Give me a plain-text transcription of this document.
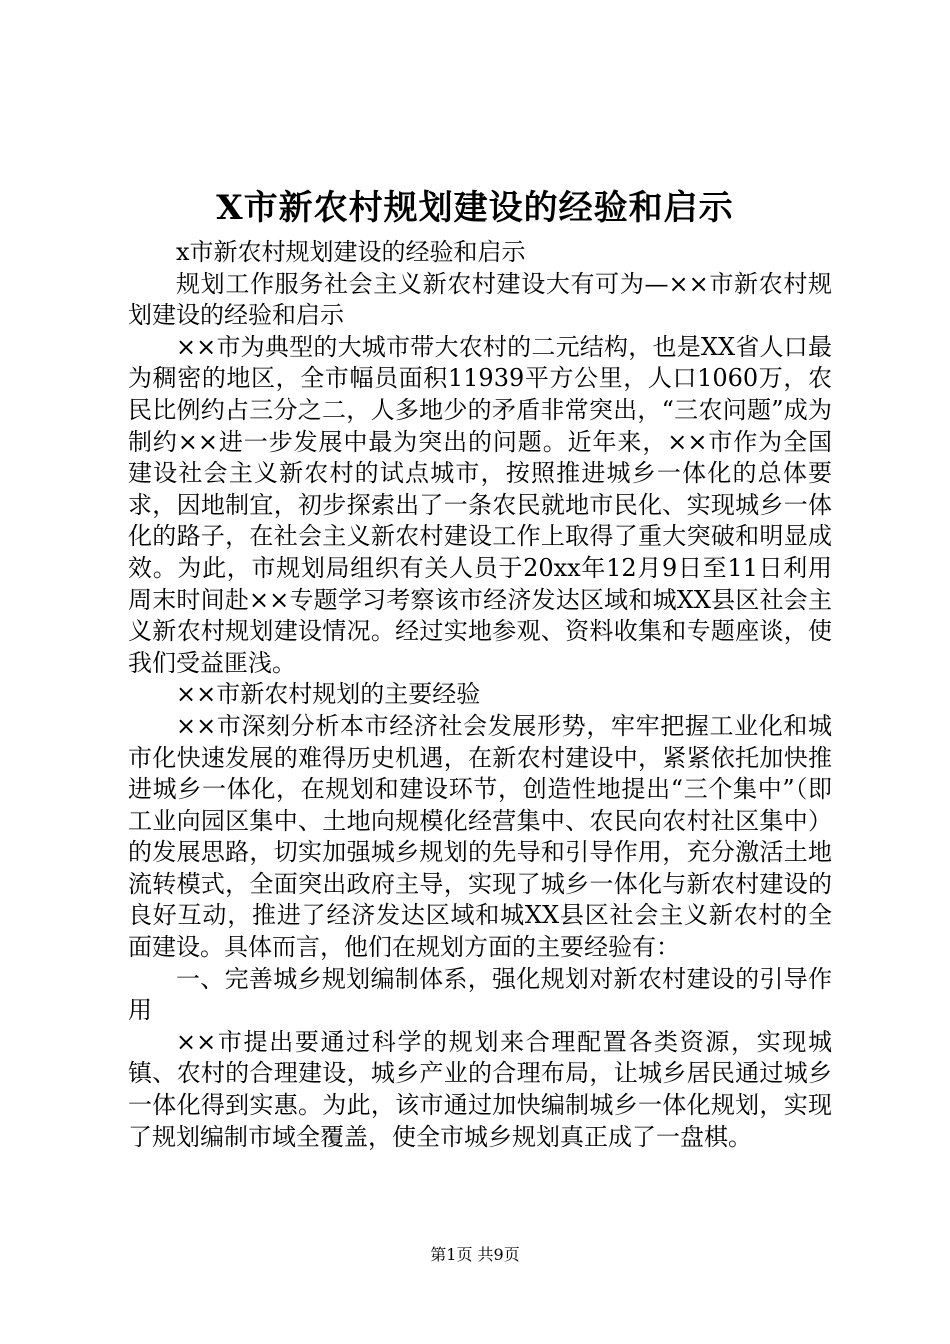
X市新农村规划建设的经验和启示

x市新农村规划建设的经验和启示

规划工作服务社会主义新农村建设大有可为—××市新农村规划建设的经验和启示

××市为典型的大城市带大农村的二元结构，也是XX省人口最为稠密的地区，全市幅员面积11939平方公里，人口1060万，农民比例约占三分之二，人多地少的矛盾非常突出，“三农问题”成为制约××进一步发展中最为突出的问题。近年来，××市作为全国建设社会主义新农村的试点城市，按照推进城乡一体化的总体要求，因地制宜，初步探索出了一条农民就地市民化、实现城乡一体化的路子，在社会主义新农村建设工作上取得了重大突破和明显成效。为此，市规划局组织有关人员于20xx年12月9日至11日利用周末时间赴××专题学习考察该市经济发达区域和城XX县区社会主义新农村规划建设情况。经过实地参观、资料收集和专题座谈，使我们受益匪浅。

××市新农村规划的主要经验

××市深刻分析本市经济社会发展形势，牢牢把握工业化和城市化快速发展的难得历史机遇，在新农村建设中，紧紧依托加快推进城乡一体化，在规划和建设环节，创造性地提出“三个集中”（即工业向园区集中、土地向规模化经营集中、农民向农村社区集中）的发展思路，切实加强城乡规划的先导和引导作用，充分激活土地流转模式，全面突出政府主导，实现了城乡一体化与新农村建设的良好互动，推进了经济发达区域和城XX县区社会主义新农村的全面建设。具体而言，他们在规划方面的主要经验有：

一、完善城乡规划编制体系，强化规划对新农村建设的引导作用

××市提出要通过科学的规划来合理配置各类资源，实现城镇、农村的合理建设，城乡产业的合理布局，让城乡居民通过城乡一体化得到实惠。为此，该市通过加快编制城乡一体化规划，实现了规划编制市域全覆盖，使全市城乡规划真正成了一盘棋。

第1页 共9页
